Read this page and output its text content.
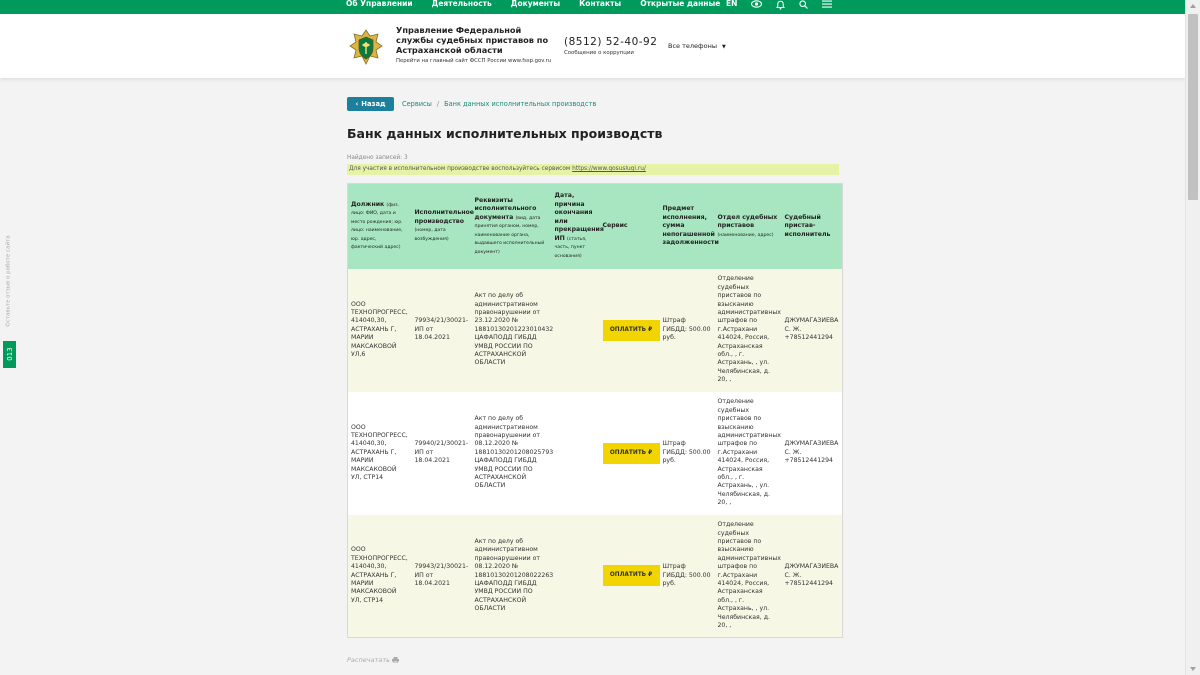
Об Управлении	Деятельность	Документы	Контакты	Открытые данные EN
Управление Федеральной службы судебных приставов по Астраханской области
Перейти на главный сайт ФССП России www.fssp.gov.ru
(8512) 52-40-92
Сообщение о коррупции
Все телефоны ▼
Оставьте отзыв о работе сайта
013
‹ Назад Сервисы / Банк данных исполнительных производств
Банк данных исполнительных производств
Найдено записей: 3
Для участия в исполнительном производстве воспользуйтесь сервисом https://www.gosuslugi.ru/
Должник (физ. лицо: ФИО, дата и место рождения; юр. лицо: наименование, юр. адрес, фактический адрес)	Исполнительное производство (номер, дата возбуждения)	Реквизиты исполнительного документа (вид, дата принятия органом, номер, наименование органа, выдавшего исполнительный документ)	Дата, причина окончания или прекращения ИП (статья, часть, пункт основания)	Сервис	Предмет исполнения, сумма непогашенной задолженности	Отдел судебных приставов (наименование, адрес)	Судебный пристав-исполнитель
ООО ТЕХНОПРОГРЕСС, 414040,30, АСТРАХАНЬ Г, МАРИИ МАКСАКОВОЙ УЛ,6	79934/21/30021-ИП от 18.04.2021	Акт по делу об административном правонарушении от 23.12.2020 № 18810130201223010432 ЦАФАПОДД ГИБДД УМВД РОССИИ ПО АСТРАХАНСКОЙ ОБЛАСТИ		ОПЛАТИТЬ ₽	Штраф ГИБДД: 500.00 руб.	Отделение судебных приставов по взысканию административных штрафов по г.Астрахани 414024, Россия, Астраханская обл., , г. Астрахань, , ул. Челябинская, д. 20, ,	ДЖУМАГАЗИЕВА С. Ж. +78512441294
ООО ТЕХНОПРОГРЕСС, 414040,30, АСТРАХАНЬ Г, МАРИИ МАКСАКОВОЙ УЛ, СТР14	79940/21/30021-ИП от 18.04.2021	Акт по делу об административном правонарушении от 08.12.2020 № 18810130201208025793 ЦАФАПОДД ГИБДД УМВД РОССИИ ПО АСТРАХАНСКОЙ ОБЛАСТИ		ОПЛАТИТЬ ₽	Штраф ГИБДД: 500.00 руб.	Отделение судебных приставов по взысканию административных штрафов по г.Астрахани 414024, Россия, Астраханская обл., , г. Астрахань, , ул. Челябинская, д. 20, ,	ДЖУМАГАЗИЕВА С. Ж. +78512441294
ООО ТЕХНОПРОГРЕСС, 414040,30, АСТРАХАНЬ Г, МАРИИ МАКСАКОВОЙ УЛ, СТР14	79943/21/30021-ИП от 18.04.2021	Акт по делу об административном правонарушении от 08.12.2020 № 18810130201208022263 ЦАФАПОДД ГИБДД УМВД РОССИИ ПО АСТРАХАНСКОЙ ОБЛАСТИ		ОПЛАТИТЬ ₽	Штраф ГИБДД: 500.00 руб.	Отделение судебных приставов по взысканию административных штрафов по г.Астрахани 414024, Россия, Астраханская обл., , г. Астрахань, , ул. Челябинская, д. 20, ,	ДЖУМАГАЗИЕВА С. Ж. +78512441294
Распечатать
